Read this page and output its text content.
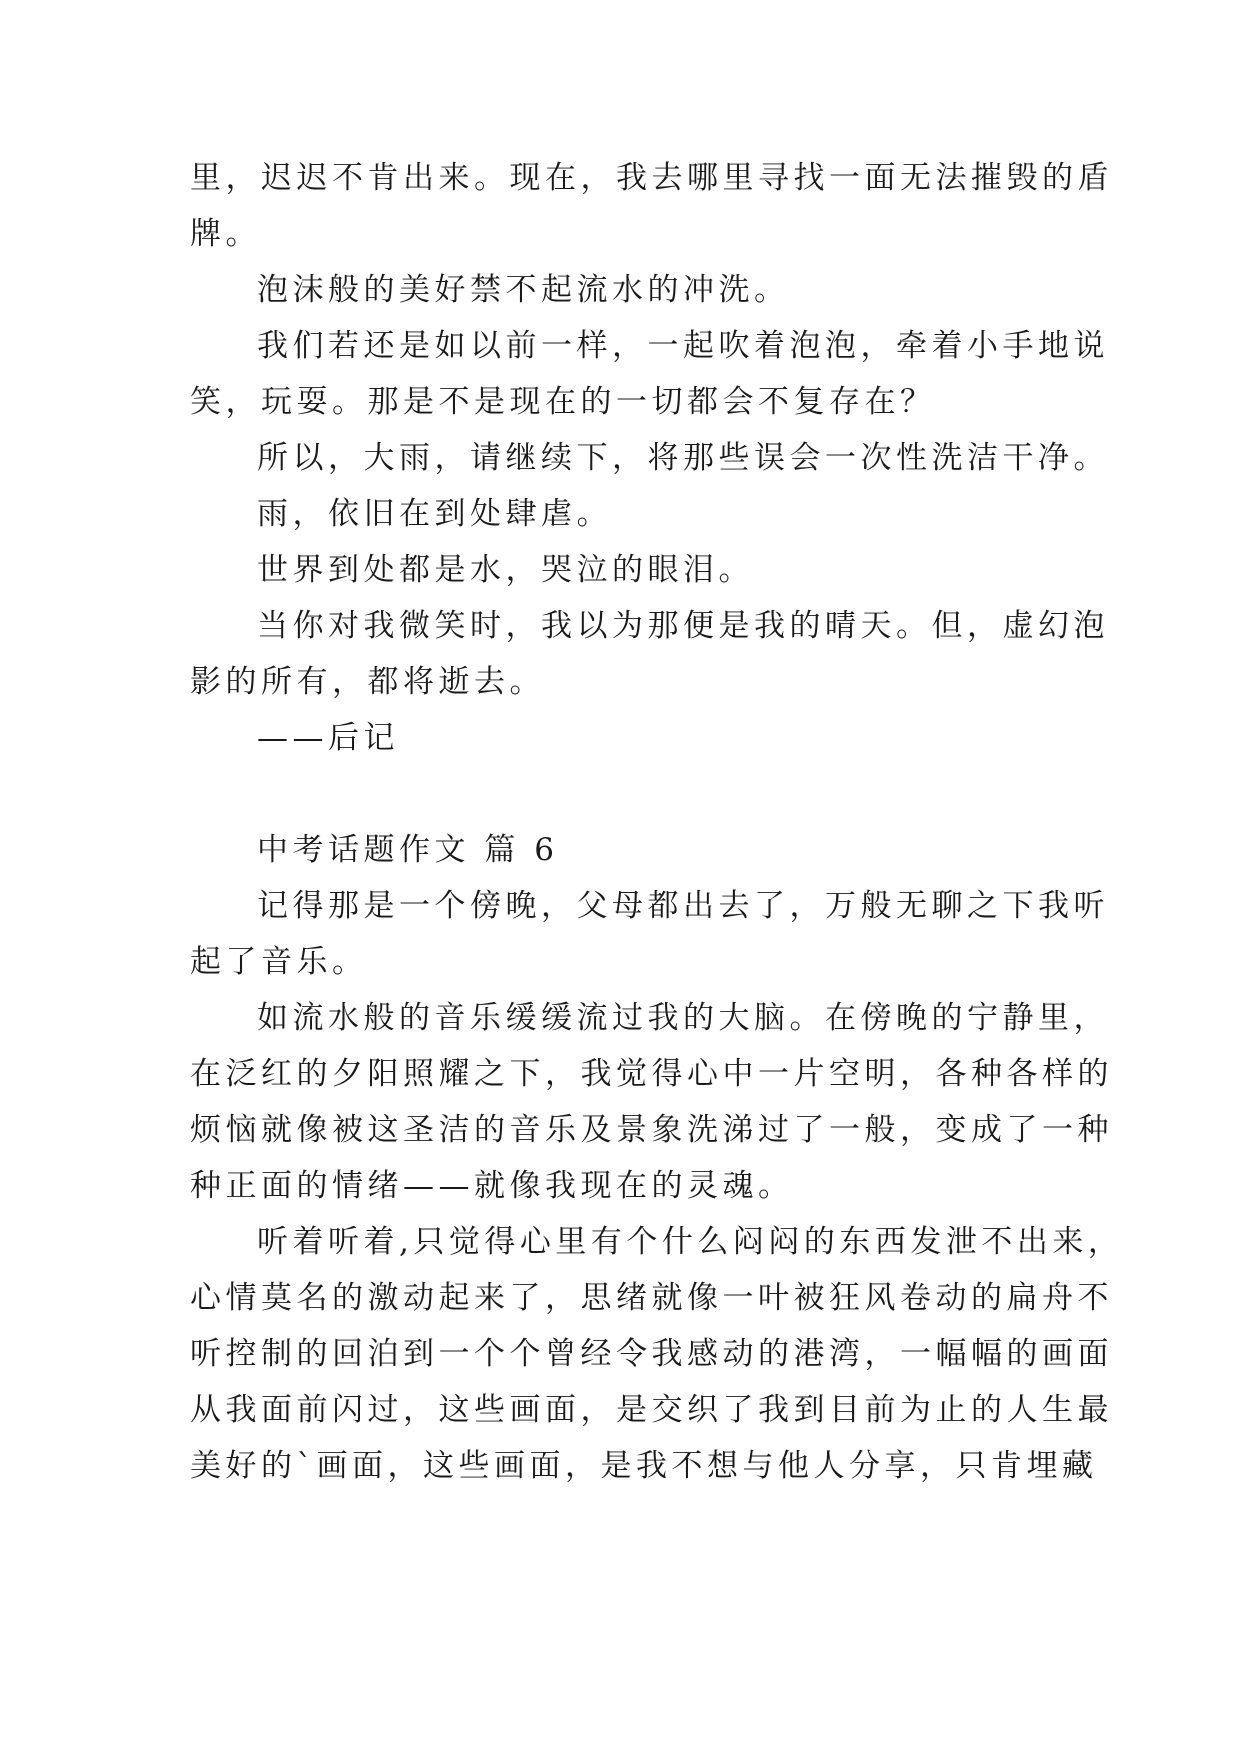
里，迟迟不肯出来。现在，我去哪里寻找一面无法摧毁的盾
牌。
泡沫般的美好禁不起流水的冲洗。
我们若还是如以前一样，一起吹着泡泡，牵着小手地说
笑，玩耍。那是不是现在的一切都会不复存在？
所以，大雨，请继续下，将那些误会一次性洗洁干净。
雨，依旧在到处肆虐。
世界到处都是水，哭泣的眼泪。
当你对我微笑时，我以为那便是我的晴天。但，虚幻泡
影的所有，都将逝去。
——后记
中考话题作文 篇 6
记得那是一个傍晚，父母都出去了，万般无聊之下我听
起了音乐。
如流水般的音乐缓缓流过我的大脑。在傍晚的宁静里，
在泛红的夕阳照耀之下，我觉得心中一片空明，各种各样的
烦恼就像被这圣洁的音乐及景象洗涕过了一般，变成了一种
种正面的情绪——就像我现在的灵魂。
听着听着,只觉得心里有个什么闷闷的东西发泄不出来，
心情莫名的激动起来了，思绪就像一叶被狂风卷动的扁舟不
听控制的回泊到一个个曾经令我感动的港湾，一幅幅的画面
从我面前闪过，这些画面，是交织了我到目前为止的人生最
美好的`画面，这些画面，是我不想与他人分享，只肯埋藏
